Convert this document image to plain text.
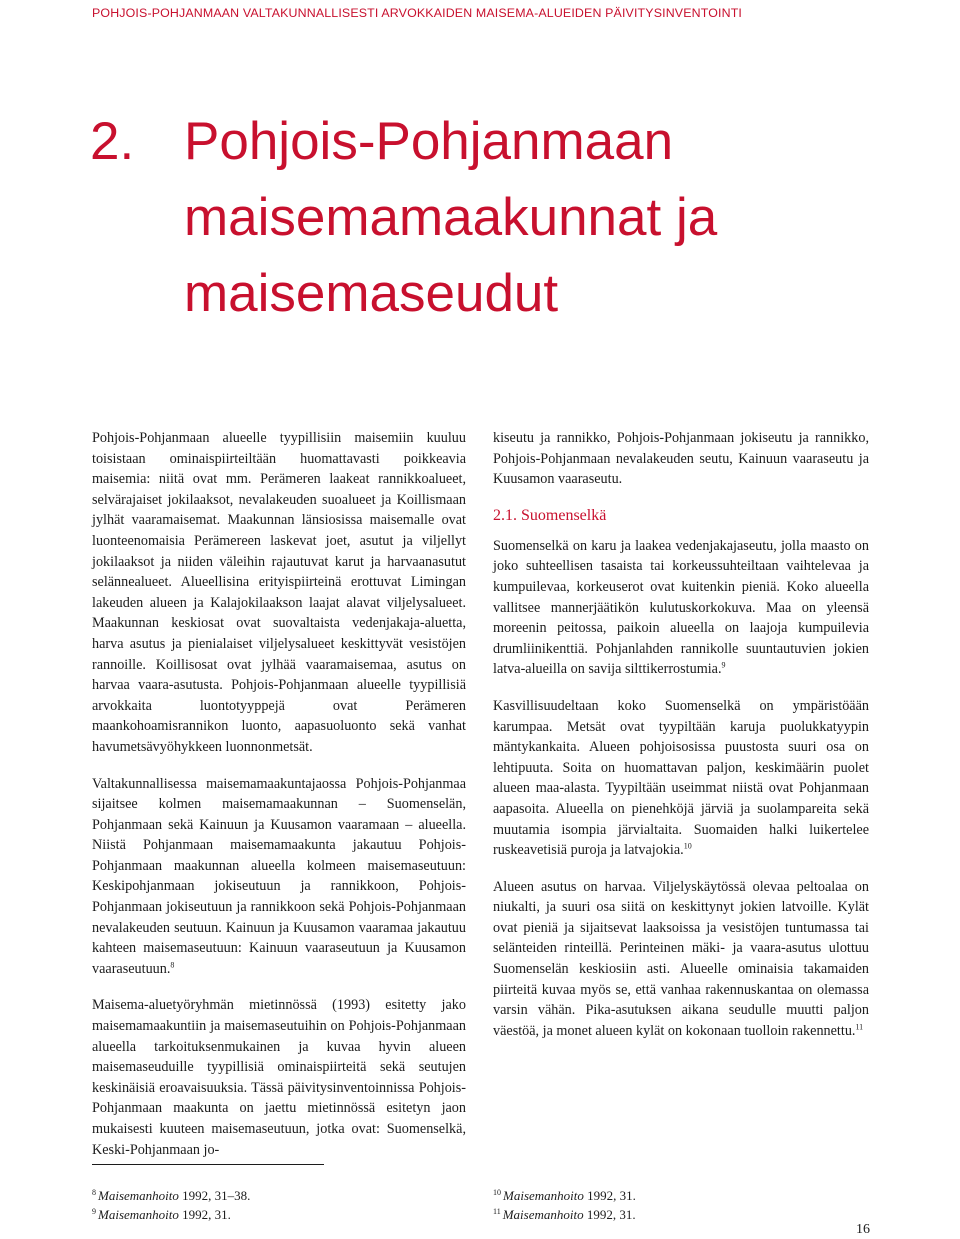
POHJOIS-POHJANMAAN VALTAKUNNALLISESTI ARVOKKAIDEN MAISEMA-ALUEIDEN PÄIVITYSINVENTOINTI
2. Pohjois-Pohjanmaan
maisemamaakunnat ja
maisemaseudut

Pohjois-Pohjanmaan alueelle tyypillisiin maisemiin kuuluu toisistaan ominaispiirteiltään huomattavasti poikkeavia maisemia: niitä ovat mm. Perämeren laakeat rannikkoalueet, selvärajaiset jokilaaksot, nevalakeuden suoalueet ja Koillismaan jylhät vaaramaisemat. Maakunnan länsiosissa maisemalle ovat luonteenomaisia Perämereen laskevat joet, asutut ja viljellyt jokilaaksot ja niiden väleihin rajautuvat karut ja harvaanasutut selännealueet. Alueellisina erityispiirteinä erottuvat Limingan lakeuden alueen ja Kalajokilaakson laajat alavat viljelysalueet. Maakunnan keskiosat ovat suovaltaista vedenjakaja-aluetta, harva asutus ja pienialaiset viljelysalueet keskittyvät vesistöjen rannoille. Koillisosat ovat jylhää vaaramaisemaa, asutus on harvaa vaara-asutusta. Pohjois-Pohjanmaan alueelle tyypillisiä arvokkaita luontotyyppejä ovat Perämeren maankohoamisrannikon luonto, aapasuoluonto sekä vanhat havumetsävyöhykkeen luonnonmetsät.

Valtakunnallisessa maisemamaakuntajaossa Pohjois-Pohjanmaa sijaitsee kolmen maisemamaakunnan – Suomenselän, Pohjanmaan sekä Kainuun ja Kuusamon vaaramaan – alueella. Niistä Pohjanmaan maisemamaakunta jakautuu Pohjois-Pohjanmaan maakunnan alueella kolmeen maisemaseutuun: Keskipohjanmaan jokiseutuun ja rannikkoon, Pohjois-Pohjanmaan jokiseutuun ja rannikkoon sekä Pohjois-Pohjanmaan nevalakeuden seutuun. Kainuun ja Kuusamon vaaramaa jakautuu kahteen maisemaseutuun: Kainuun vaaraseutuun ja Kuusamon vaaraseutuun.$^8$

Maisema-aluetyöryhmän mietinnössä (1993) esitetty jako maisemamaakuntiin ja maisemaseutuihin on Pohjois-Pohjanmaan alueella tarkoituksenmukainen ja kuvaa hyvin alueen maisemaseuduille tyypillisiä ominaispiirteitä sekä seutujen keskinäisiä eroavaisuuksia. Tässä päivitysinventoinnissa Pohjois-Pohjanmaan maakunta on jaettu mietinnössä esitetyn jaon mukaisesti kuuteen maisemaseutuun, jotka ovat: Suomenselkä, Keski-Pohjanmaan jo-

kiseutu ja rannikko, Pohjois-Pohjanmaan jokiseutu ja rannikko, Pohjois-Pohjanmaan nevalakeuden seutu, Kainuun vaaraseutu ja Kuusamon vaaraseutu.

2.1. Suomenselkä

Suomenselkä on karu ja laakea vedenjakajaseutu, jolla maasto on joko suhteellisen tasaista tai korkeussuhteiltaan vaihtelevaa ja kumpuilevaa, korkeuserot ovat kuitenkin pieniä. Koko alueella vallitsee mannerjäätikön kulutuskorkokuva. Maa on yleensä moreenin peitossa, paikoin alueella on laajoja kumpuilevia drumliinikenttiä. Pohjanlahden rannikolle suuntautuvien jokien latva-alueilla on savija silttikerrostumia.$^9$

Kasvillisuudeltaan koko Suomenselkä on ympäristöään karumpaa. Metsät ovat tyypiltään karuja puolukkatyypin mäntykankaita. Alueen pohjoisosissa puustosta suuri osa on lehtipuuta. Soita on huomattavan paljon, keskimäärin puolet alueen maa-alasta. Tyypiltään useimmat niistä ovat Pohjanmaan aapasoita. Alueella on pienehköjä järviä ja suolampareita sekä muutamia isompia järvialtaita. Suomaiden halki luikertelee ruskeavetisiä puroja ja latvajokia.$^{10}$

Alueen asutus on harvaa. Viljelyskäytössä olevaa peltoalaa on niukalti, ja suuri osa siitä on keskittynyt jokien latvoille. Kylät ovat pieniä ja sijaitsevat laaksoissa ja vesistöjen tuntumassa tai selänteiden rinteillä. Perinteinen mäki- ja vaara-asutus ulottuu Suomenselän keskiosiin asti. Alueelle ominaisia takamaiden piirteitä kuvaa myös se, että vanhaa rakennuskantaa on olemassa varsin vähän. Pika-asutuksen aikana seudulle muutti paljon väestöä, ja monet alueen kylät on kokonaan tuolloin rakennettu.$^{11}$

$^8$ Maisemanhoito 1992, 31–38.
$^9$ Maisemanhoito 1992, 31.
$^{10}$ Maisemanhoito 1992, 31.
$^{11}$ Maisemanhoito 1992, 31.
16
